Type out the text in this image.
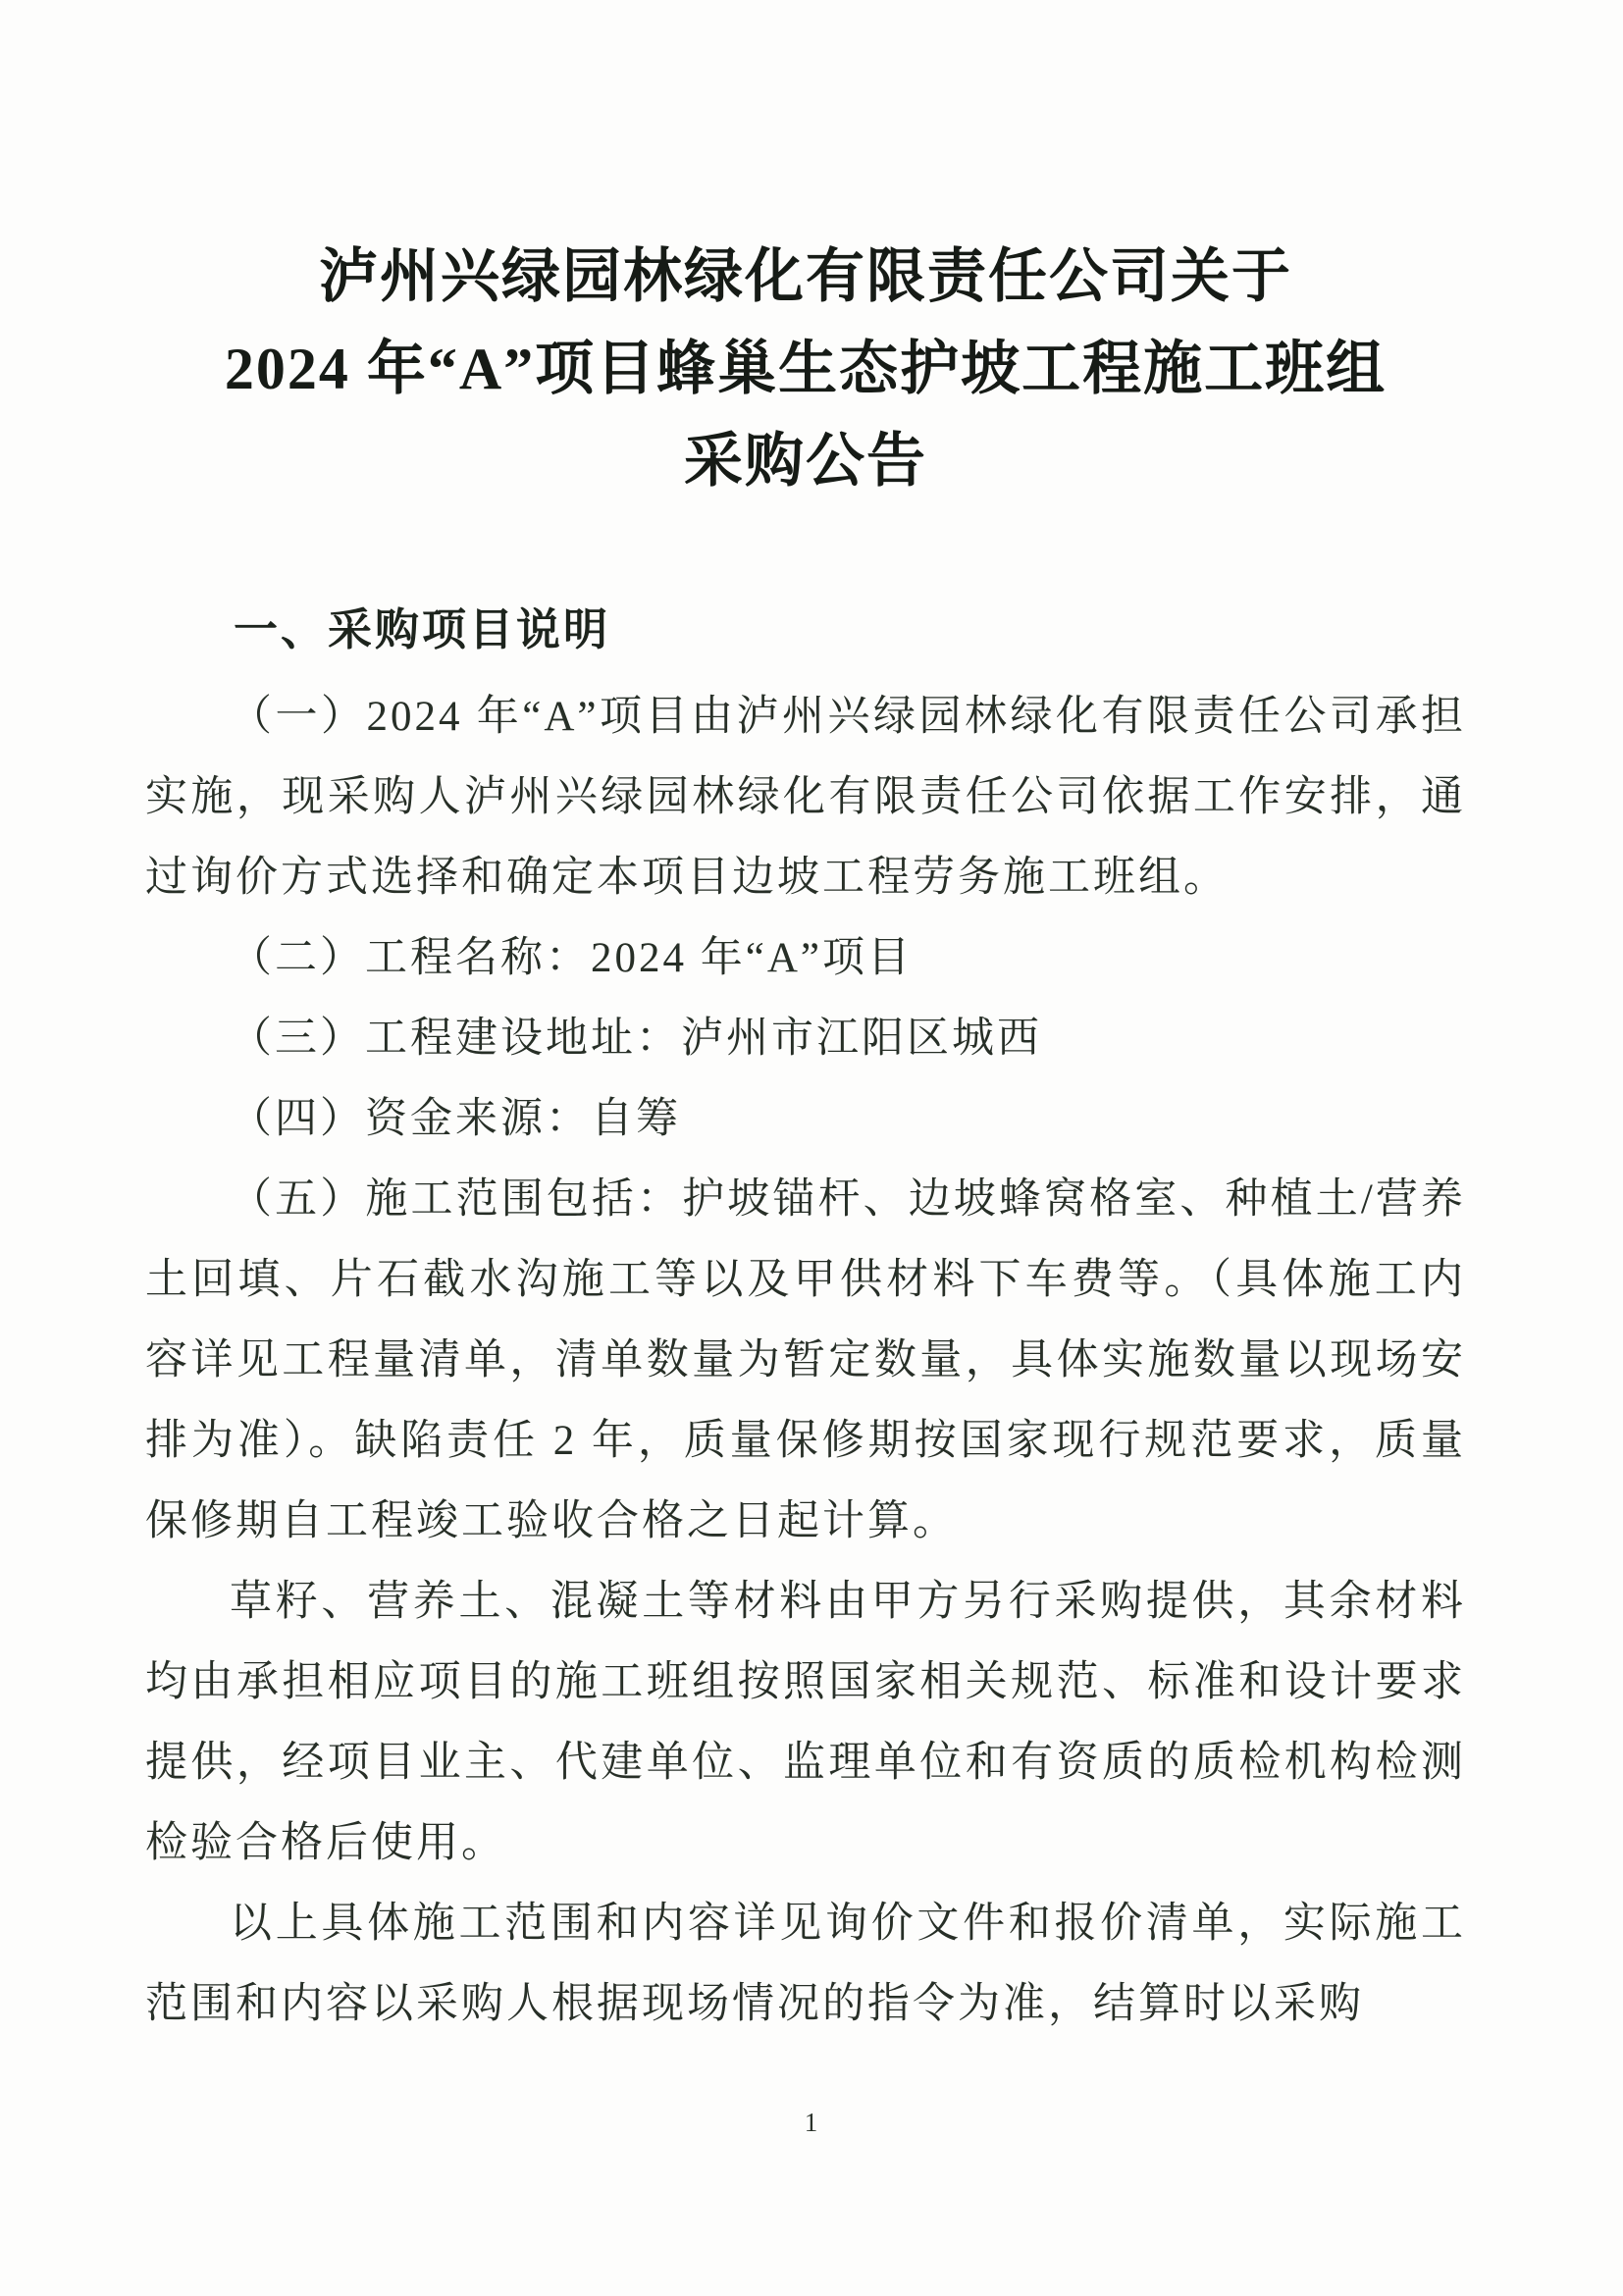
泸州兴绿园林绿化有限责任公司关于
2024 年“A”项目蜂巢生态护坡工程施工班组
采购公告
一、采购项目说明

（一）2024 年“A”项目由泸州兴绿园林绿化有限责任公司承担实施，现采购人泸州兴绿园林绿化有限责任公司依据工作安排，通过询价方式选择和确定本项目边坡工程劳务施工班组。

（二）工程名称：2024 年“A”项目

（三）工程建设地址：泸州市江阳区城西

（四）资金来源：自筹

（五）施工范围包括：护坡锚杆、边坡蜂窝格室、种植土/营养土回填、片石截水沟施工等以及甲供材料下车费等。（具体施工内容详见工程量清单，清单数量为暂定数量，具体实施数量以现场安排为准）。缺陷责任 2 年，质量保修期按国家现行规范要求，质量保修期自工程竣工验收合格之日起计算。

草籽、营养土、混凝土等材料由甲方另行采购提供，其余材料均由承担相应项目的施工班组按照国家相关规范、标准和设计要求提供，经项目业主、代建单位、监理单位和有资质的质检机构检测检验合格后使用。

以上具体施工范围和内容详见询价文件和报价清单，实际施工范围和内容以采购人根据现场情况的指令为准，结算时以采购

1
